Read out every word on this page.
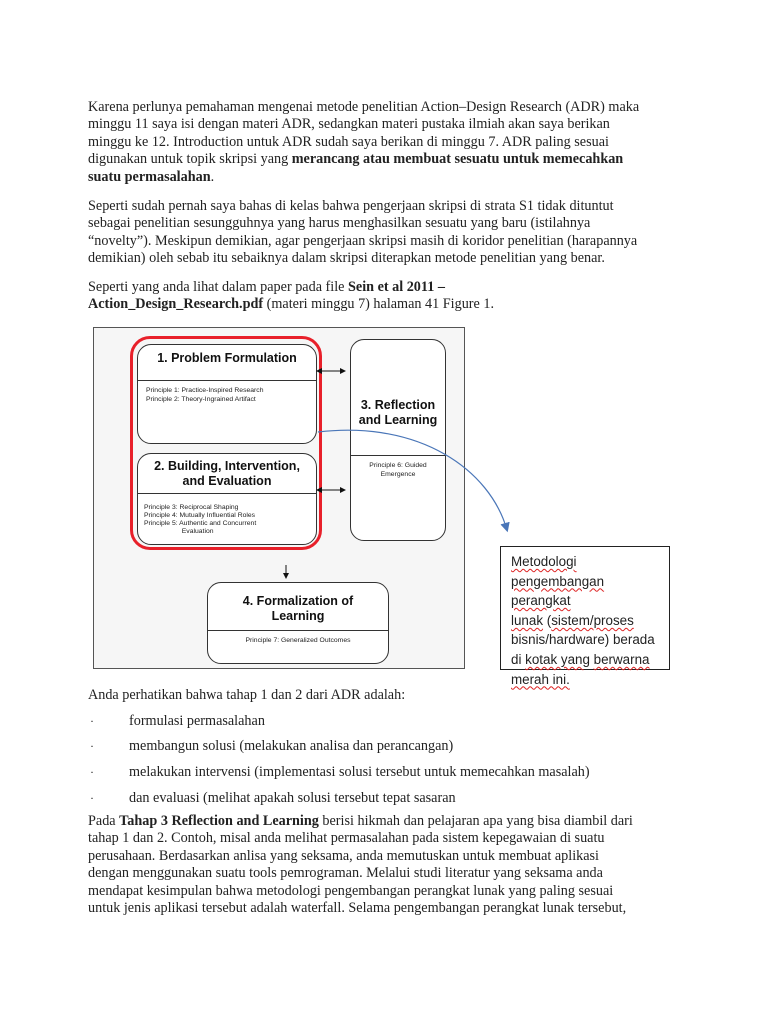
Karena perlunya pemahaman mengenai metode penelitian Action–Design Research (ADR) maka
minggu 11 saya isi dengan materi ADR, sedangkan materi pustaka ilmiah akan saya berikan
minggu ke 12. Introduction untuk ADR sudah saya berikan di minggu 7. ADR paling sesuai
digunakan untuk topik skripsi yang merancang atau membuat sesuatu untuk memecahkan
suatu permasalahan.
Seperti sudah pernah saya bahas di kelas bahwa pengerjaan skripsi di strata S1 tidak dituntut
sebagai penelitian sesungguhnya yang harus menghasilkan sesuatu yang baru (istilahnya
“novelty”). Meskipun demikian, agar pengerjaan skripsi masih di koridor penelitian (harapannya
demikian) oleh sebab itu sebaiknya dalam skripsi diterapkan metode penelitian yang benar.
Seperti yang anda lihat dalam paper pada file Sein et al 2011 –
Action_Design_Research.pdf (materi minggu 7) halaman 41 Figure 1.
1. Problem Formulation
Principle 1: Practice-Inspired Research
Principle 2: Theory-Ingrained Artifact
2. Building, Intervention,
and Evaluation
Principle 3: Reciprocal Shaping
Principle 4: Mutually Influential Roles
Principle 5: Authentic and Concurrent
Evaluation
3. Reflection
and Learning
Principle 6: Guided
Emergence
4. Formalization of
Learning
Principle 7: Generalized Outcomes
Metodologi
pengembangan perangkat
lunak (sistem/proses
bisnis/hardware) berada
di kotak yang berwarna
merah ini.
Anda perhatikan bahwa tahap 1 dan 2 dari ADR adalah:
· formulasi permasalahan
· membangun solusi (melakukan analisa dan perancangan)
· melakukan intervensi (implementasi solusi tersebut untuk memecahkan masalah)
· dan evaluasi (melihat apakah solusi tersebut tepat sasaran
Pada Tahap 3 Reflection and Learning berisi hikmah dan pelajaran apa yang bisa diambil dari
tahap 1 dan 2. Contoh, misal anda melihat permasalahan pada sistem kepegawaian di suatu
perusahaan. Berdasarkan anlisa yang seksama, anda memutuskan untuk membuat aplikasi
dengan menggunakan suatu tools pemrograman. Melalui studi literatur yang seksama anda
mendapat kesimpulan bahwa metodologi pengembangan perangkat lunak yang paling sesuai
untuk jenis aplikasi tersebut adalah waterfall. Selama pengembangan perangkat lunak tersebut,
